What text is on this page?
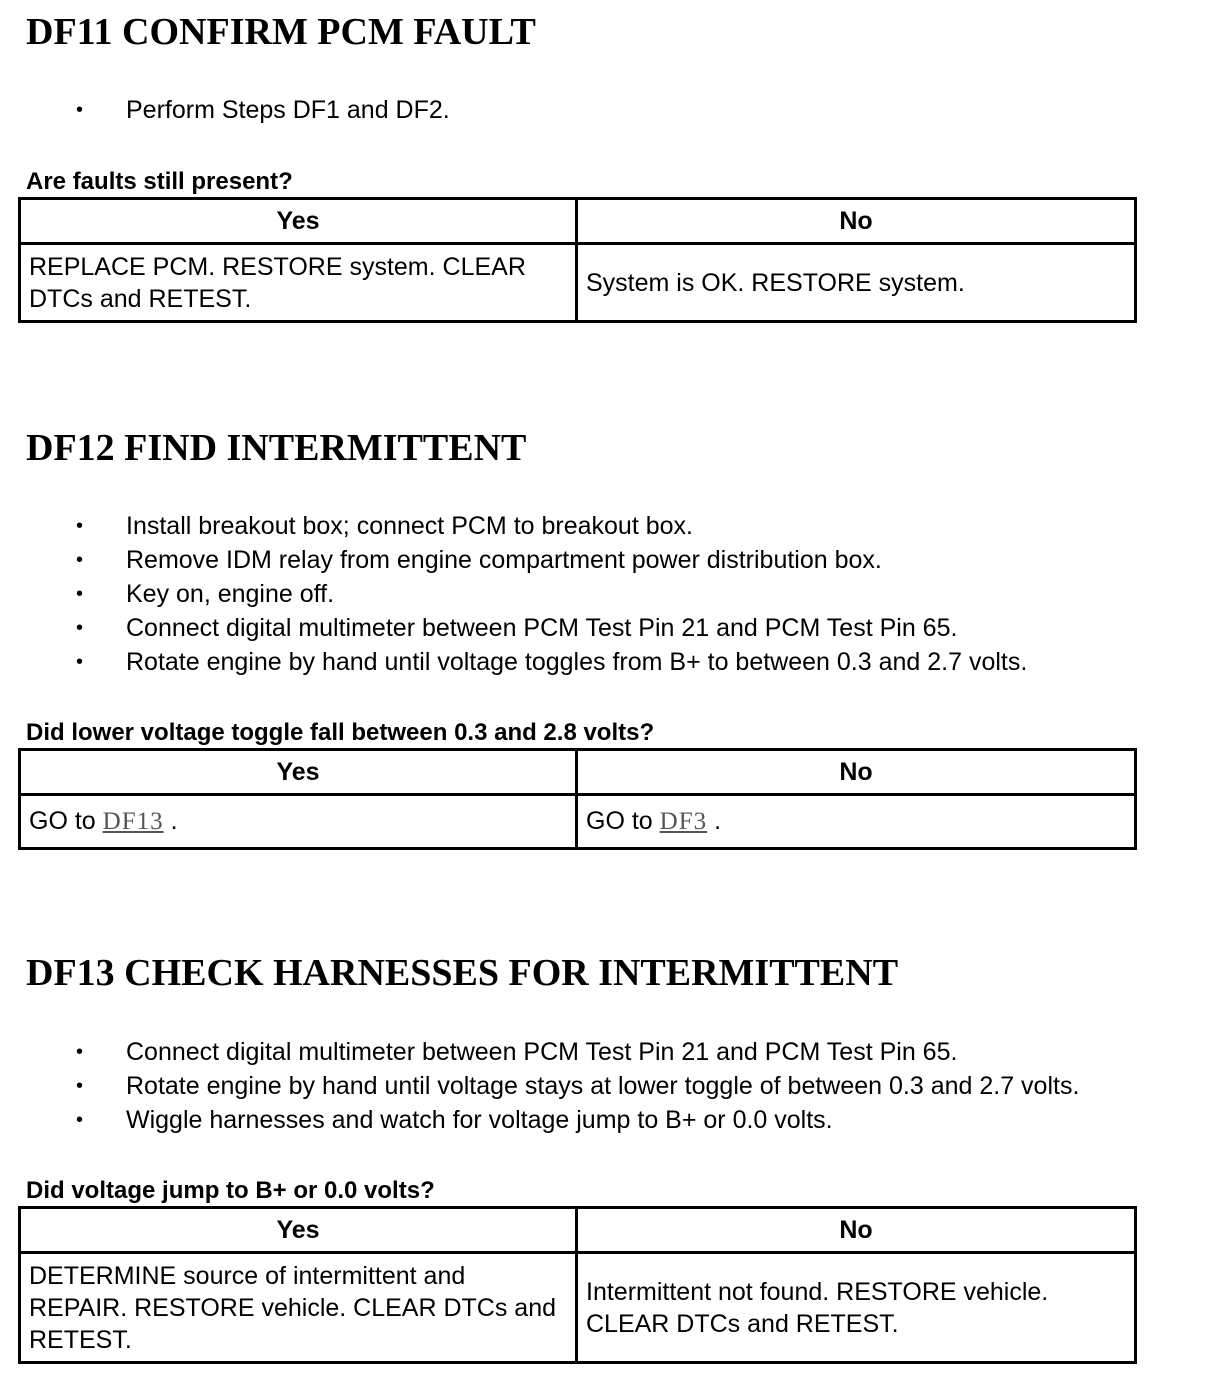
DF11 CONFIRM PCM FAULT
• Perform Steps DF1 and DF2.

Are faults still present?

Yes	No
REPLACE PCM. RESTORE system. CLEAR DTCs and RETEST.	System is OK. RESTORE system.
DF12 FIND INTERMITTENT
• Install breakout box; connect PCM to breakout box.
• Remove IDM relay from engine compartment power distribution box.
• Key on, engine off.
• Connect digital multimeter between PCM Test Pin 21 and PCM Test Pin 65.
• Rotate engine by hand until voltage toggles from B+ to between 0.3 and 2.7 volts.

Did lower voltage toggle fall between 0.3 and 2.8 volts?

Yes	No
GO to DF13 .	GO to DF3 .
DF13 CHECK HARNESSES FOR INTERMITTENT
• Connect digital multimeter between PCM Test Pin 21 and PCM Test Pin 65.
• Rotate engine by hand until voltage stays at lower toggle of between 0.3 and 2.7 volts.
• Wiggle harnesses and watch for voltage jump to B+ or 0.0 volts.

Did voltage jump to B+ or 0.0 volts?

Yes	No
DETERMINE source of intermittent and REPAIR. RESTORE vehicle. CLEAR DTCs and RETEST.	Intermittent not found. RESTORE vehicle. CLEAR DTCs and RETEST.
